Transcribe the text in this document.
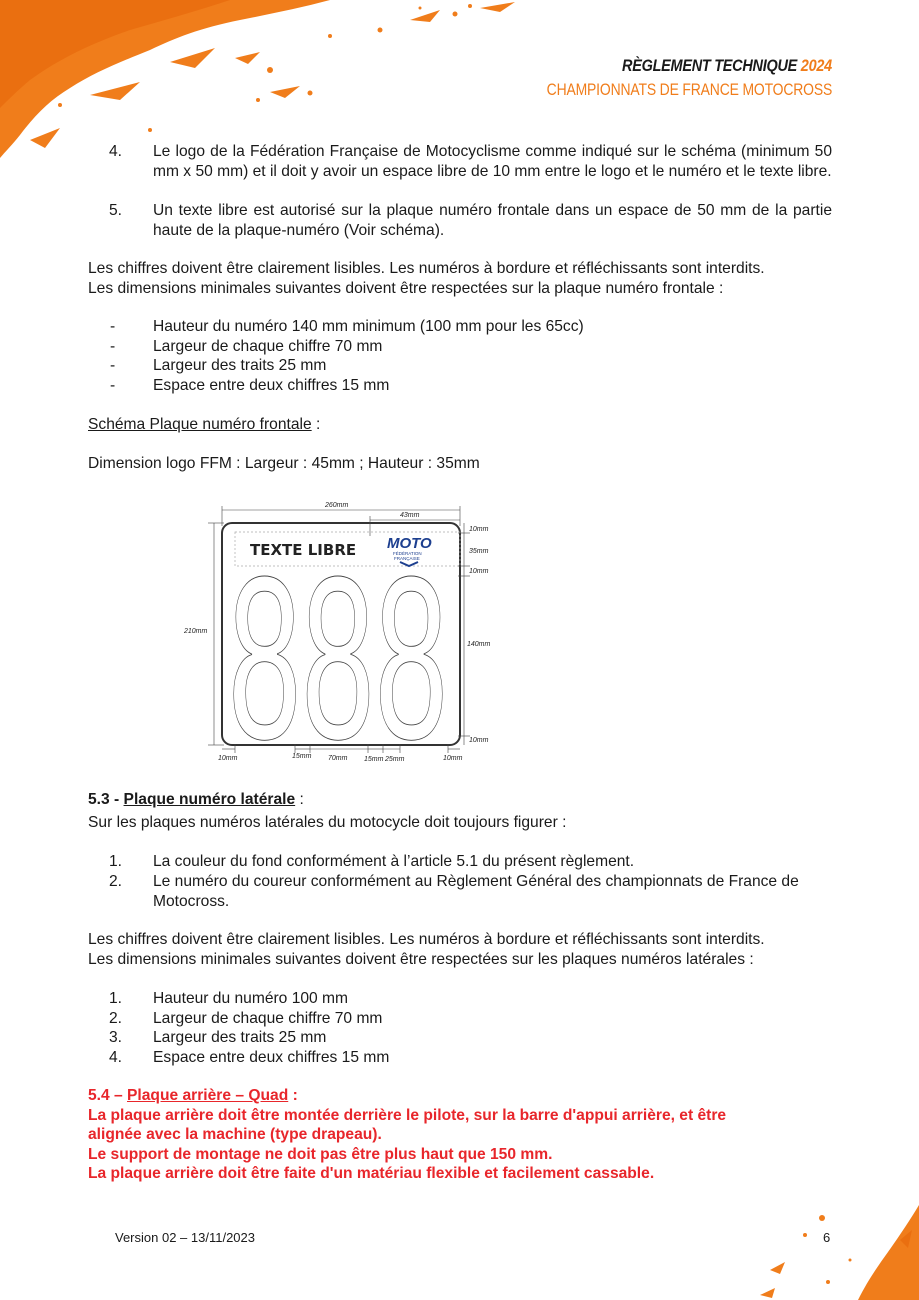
RÈGLEMENT TECHNIQUE 2024
CHAMPIONNATS DE FRANCE MOTOCROSS
4. Le logo de la Fédération Française de Motocyclisme comme indiqué sur le schéma (minimum 50 mm x 50 mm) et il doit y avoir un espace libre de 10 mm entre le logo et le numéro et le texte libre.
5. Un texte libre est autorisé sur la plaque numéro frontale dans un espace de 50 mm de la partie haute de la plaque-numéro (Voir schéma).
Les chiffres doivent être clairement lisibles. Les numéros à bordure et réfléchissants sont interdits.
Les dimensions minimales suivantes doivent être respectées sur la plaque numéro frontale :
- Hauteur du numéro 140 mm minimum (100 mm pour les 65cc)
- Largeur de chaque chiffre 70 mm
- Largeur des traits 25 mm
- Espace entre deux chiffres 15 mm
Schéma Plaque numéro frontale :
Dimension logo FFM : Largeur : 45mm ; Hauteur : 35mm
TEXTE LIBRE MOTO
FÉDÉRATION
FRANÇAISE
888
260mm
43mm
10mm
35mm
10mm
210mm
140mm
10mm
10mm	15mm 70mm 15mm 25mm	10mm
5.3 - Plaque numéro latérale :
Sur les plaques numéros latérales du motocycle doit toujours figurer :
1. La couleur du fond conformément à l’article 5.1 du présent règlement.
2. Le numéro du coureur conformément au Règlement Général des championnats de France de Motocross.
Les chiffres doivent être clairement lisibles. Les numéros à bordure et réfléchissants sont interdits.
Les dimensions minimales suivantes doivent être respectées sur les plaques numéros latérales :
1. Hauteur du numéro 100 mm
2. Largeur de chaque chiffre 70 mm
3. Largeur des traits 25 mm
4. Espace entre deux chiffres 15 mm
5.4 – Plaque arrière – Quad :
La plaque arrière doit être montée derrière le pilote, sur la barre d'appui arrière, et être
alignée avec la machine (type drapeau).
Le support de montage ne doit pas être plus haut que 150 mm.
La plaque arrière doit être faite d'un matériau flexible et facilement cassable.
Version 02 – 13/11/2023	6
